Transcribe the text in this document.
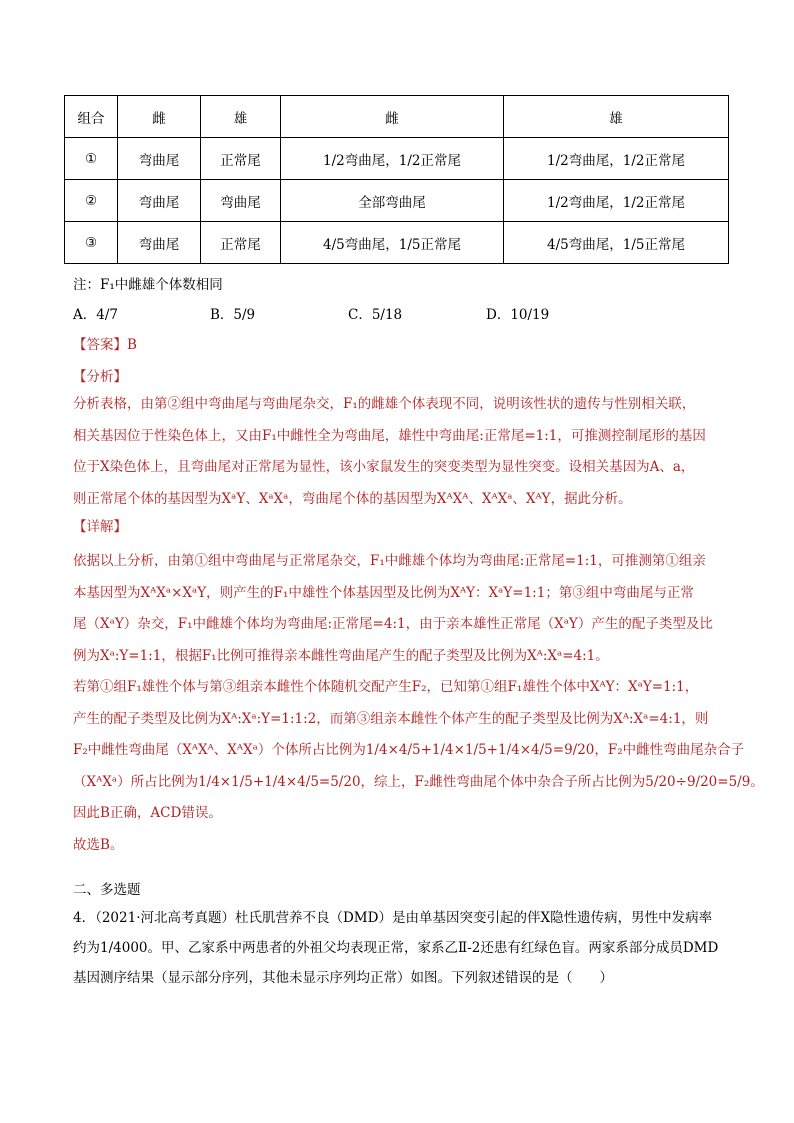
组合	雌	雄	雌	雄
①	弯曲尾	正常尾	1/2弯曲尾，1/2正常尾	1/2弯曲尾，1/2正常尾
②	弯曲尾	弯曲尾	全部弯曲尾	1/2弯曲尾，1/2正常尾
③	弯曲尾	正常尾	4/5弯曲尾，1/5正常尾	4/5弯曲尾，1/5正常尾
注：F₁中雌雄个体数相同
A．4/7	B．5/9	C．5/18	D．10/19
【答案】B
【分析】
分析表格，由第②组中弯曲尾与弯曲尾杂交，F₁的雌雄个体表现不同，说明该性状的遗传与性别相关联，
相关基因位于性染色体上，又由F₁中雌性全为弯曲尾，雄性中弯曲尾:正常尾=1:1，可推测控制尾形的基因
位于X染色体上，且弯曲尾对正常尾为显性，该小家鼠发生的突变类型为显性突变。设相关基因为A、a，
则正常尾个体的基因型为XᵃY、XᵃXᵃ，弯曲尾个体的基因型为XᴬXᴬ、XᴬXᵃ、XᴬY，据此分析。
【详解】
依据以上分析，由第①组中弯曲尾与正常尾杂交，F₁中雌雄个体均为弯曲尾:正常尾=1:1，可推测第①组亲
本基因型为XᴬXᵃ×XᵃY，则产生的F₁中雄性个体基因型及比例为XᴬY：XᵃY=1:1；第③组中弯曲尾与正常
尾（XᵃY）杂交，F₁中雌雄个体均为弯曲尾:正常尾=4:1，由于亲本雄性正常尾（XᵃY）产生的配子类型及比
例为Xᵃ:Y=1:1，根据F₁比例可推得亲本雌性弯曲尾产生的配子类型及比例为Xᴬ:Xᵃ=4:1。
若第①组F₁雄性个体与第③组亲本雌性个体随机交配产生F₂，已知第①组F₁雄性个体中XᴬY：XᵃY=1:1，
产生的配子类型及比例为Xᴬ:Xᵃ:Y=1:1:2，而第③组亲本雌性个体产生的配子类型及比例为Xᴬ:Xᵃ=4:1，则
F₂中雌性弯曲尾（XᴬXᴬ、XᴬXᵃ）个体所占比例为1/4×4/5+1/4×1/5+1/4×4/5=9/20，F₂中雌性弯曲尾杂合子
（XᴬXᵃ）所占比例为1/4×1/5+1/4×4/5=5/20，综上，F₂雌性弯曲尾个体中杂合子所占比例为5/20÷9/20=5/9。
因此B正确，ACD错误。
故选B。
二、多选题
4．（2021·河北高考真题）杜氏肌营养不良（DMD）是由单基因突变引起的伴X隐性遗传病，男性中发病率
约为1/4000。甲、乙家系中两患者的外祖父均表现正常，家系乙Ⅱ-2还患有红绿色盲。两家系部分成员DMD
基因测序结果（显示部分序列，其他未显示序列均正常）如图。下列叙述错误的是（　　）
